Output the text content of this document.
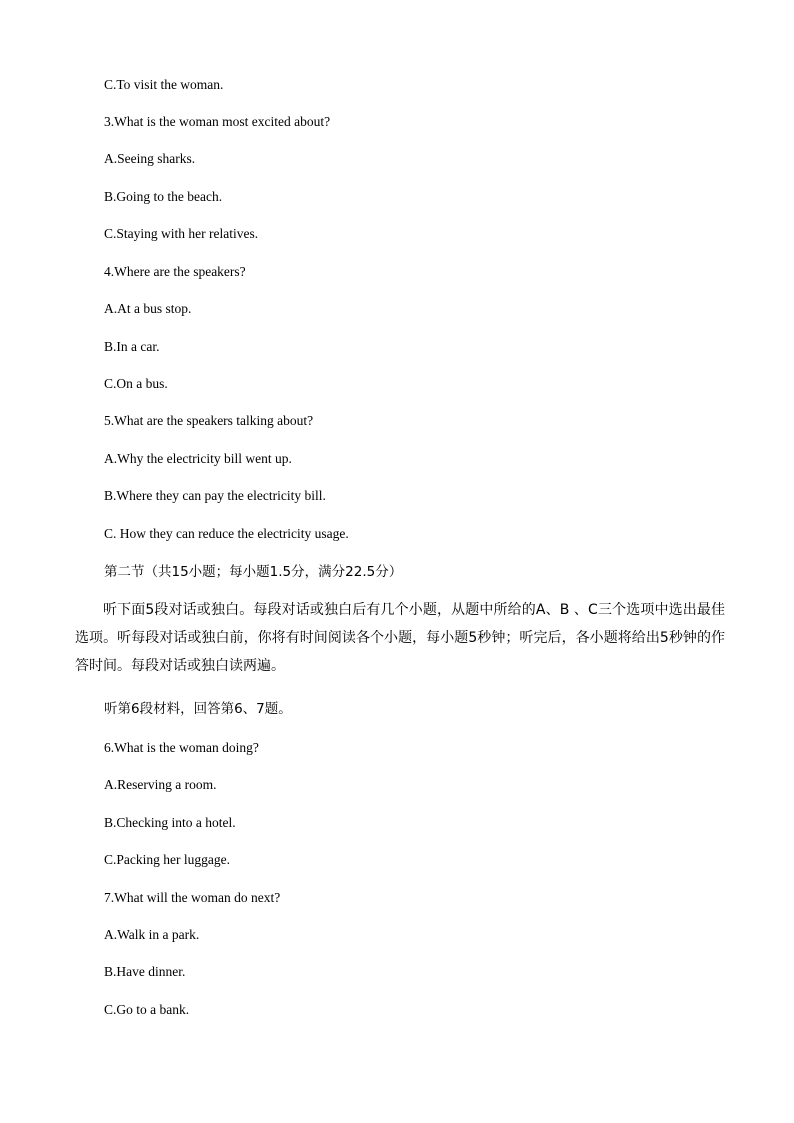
C.To visit the woman.
3.What is the woman most excited about?
A.Seeing sharks.
B.Going to the beach.
C.Staying with her relatives.
4.Where are the speakers?
A.At a bus stop.
B.In a car.
C.On a bus.
5.What are the speakers talking about?
A.Why the electricity bill went up.
B.Where they can pay the electricity bill.
C. How they can reduce the electricity usage.
第二节（共15小题；每小题1.5分，满分22.5分）
听下面5段对话或独白。每段对话或独白后有几个小题，从题中所给的A、B 、C三个选项中选出最佳选项。听每段对话或独白前，你将有时间阅读各个小题，每小题5秒钟；听完后，各小题将给出5秒钟的作答时间。每段对话或独白读两遍。
听第6段材料，回答第6、7题。
6.What is the woman doing?
A.Reserving a room.
B.Checking into a hotel.
C.Packing her luggage.
7.What will the woman do next?
A.Walk in a park.
B.Have dinner.
C.Go to a bank.
